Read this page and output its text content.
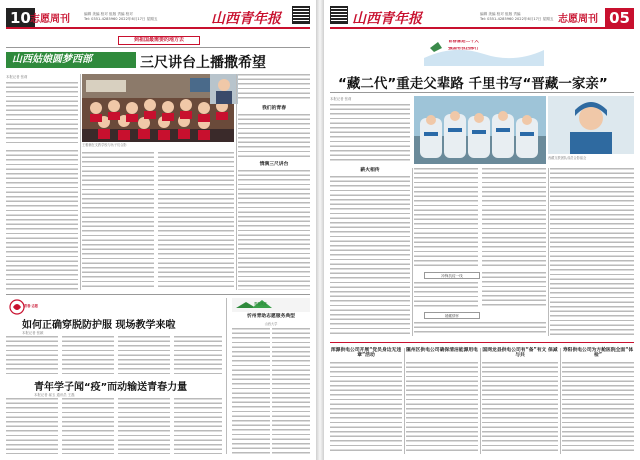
10 志愿周刊	编辑 美编 校对 组版 责编 校对
Tel: 0351-4285960 2022年6月17日 星期五	山西青年报
到祖国最需要的地方去
山西姑娘圆梦西部	三尺讲台上播撒希望
本报记者 张莉
王雅楠在支教学校与孩子们合影
我们的青春
情满三尺讲台
青春·志愿
如何正确穿脱防护服 现场教学来啦
本报记者 张颖
青年学子闻“疫”而动输送青春力量
本报记者 郝玉 通讯员 王磊
青春风采
忻州青助志愿服务典型
山西大学
山西青年报	编辑 美编 校对 组版 责编
Tel: 0351-4285960 2022年6月17日 星期五 志愿周刊 05
青春喜迎二十大
强国有我西部行
“藏二代”重走父辈路 千里书写“晋藏一家亲”
本报记者 张莉
西藏支教团队成员合影留念
薪火相传
冲锋抗疫一线
援藏情怀
浑源供电公司开展“党员身边无违章”活动
隰州区供电公司确保清洁能源用电 国网龙县供电公司有“备”有文 保减与共
寿阳供电公司为方舱医院全面“体检”
